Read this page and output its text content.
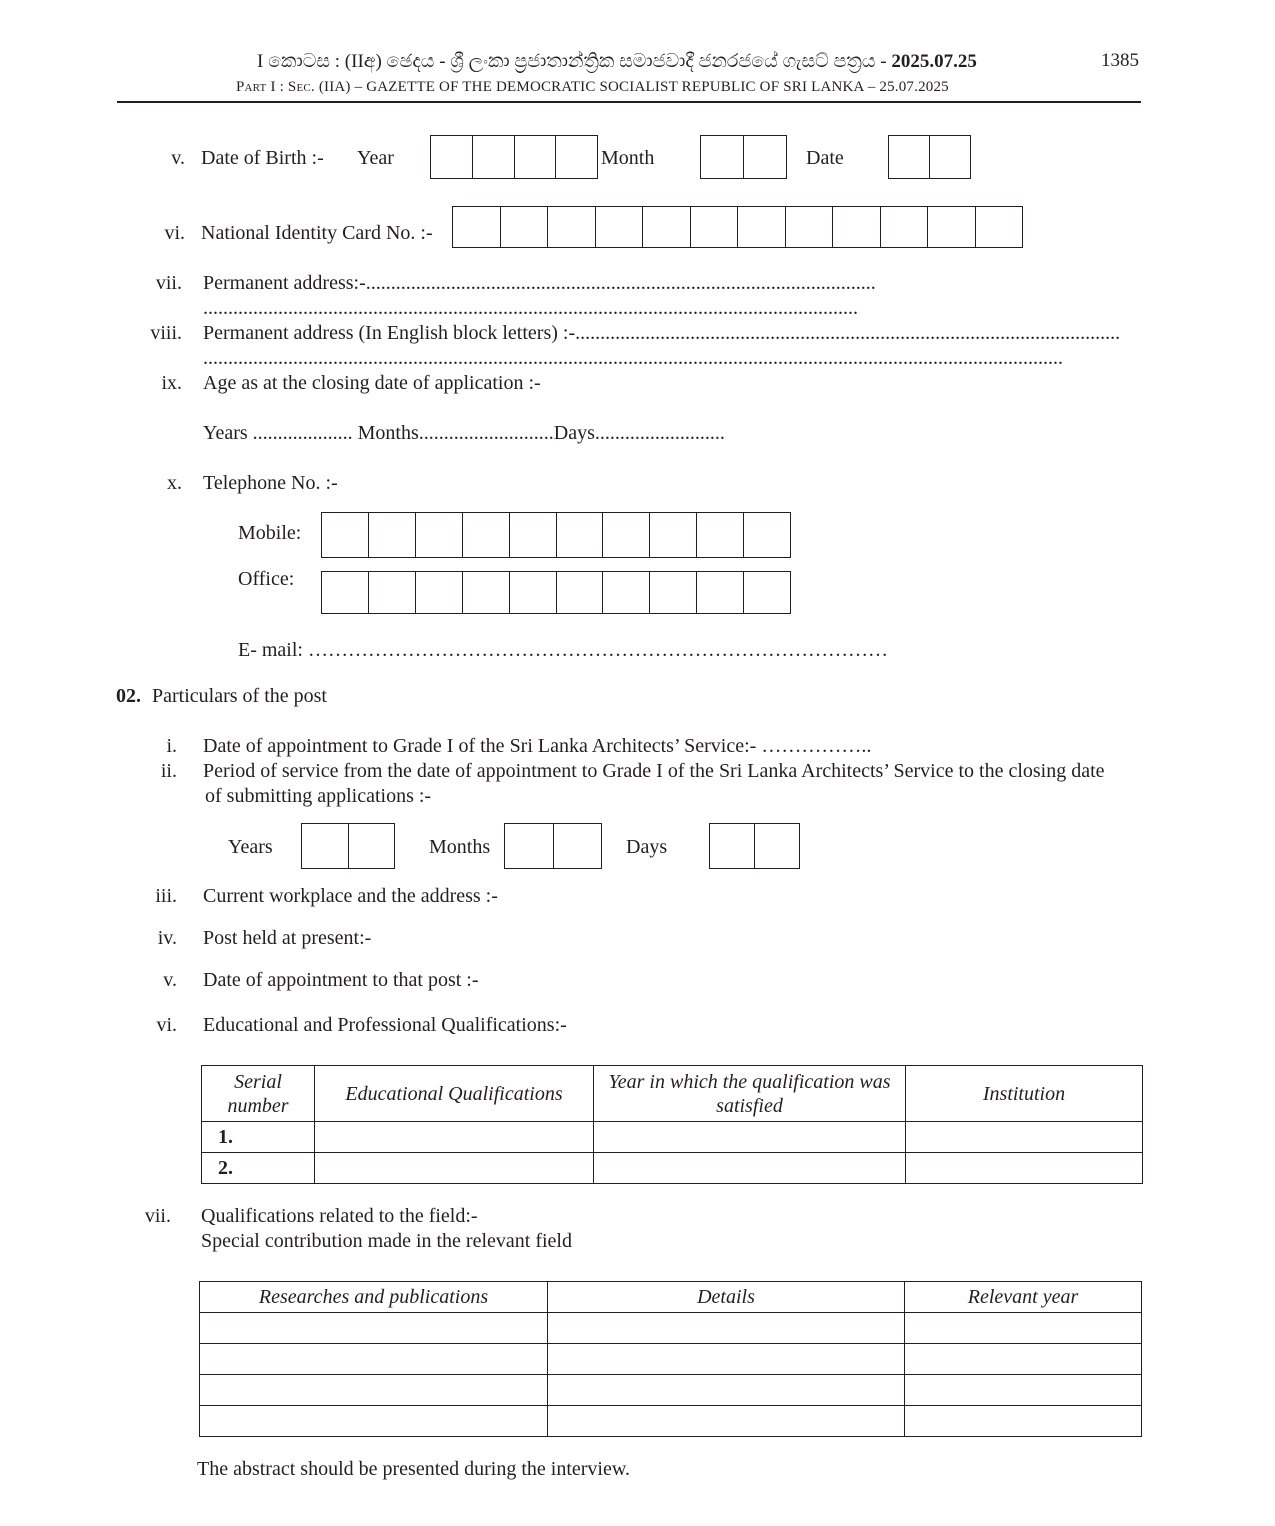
I කොටස : (IIඅ) ඡෙදය - ශ්‍රී ලංකා ප්‍රජාතාන්ත්‍රික සමාජවාදී ජනරජයේ ගැසට් පත්‍රය - 2025.07.25	1385
Part I : Sec. (IIA) – GAZETTE OF THE DEMOCRATIC SOCIALIST REPUBLIC OF SRI LANKA – 25.07.2025
v. Date of Birth :- Year	Month	Date
vi. National Identity Card No. :-
vii. Permanent address:-......................................................................................................
...................................................................................................................................
viii. Permanent address (In English block letters) :-.............................................................................................................
............................................................................................................................................................................
ix. Age as at the closing date of application :-
Years .................... Months...........................Days..........................
x. Telephone No. :-
Mobile:
Office:
E- mail: ……………………………………………………………………………
02. Particulars of the post
i. Date of appointment to Grade I of the Sri Lanka Architects’ Service:- ……………..​
ii. Period of service from the date of appointment to Grade I of the Sri Lanka Architects’ Service to the closing date
of submitting applications :-
Years	Months	Days
iii. Current workplace and the address :-
iv. Post held at present:-
v. Date of appointment to that post :-
vi. Educational and Professional Qualifications:-
Serial number	Educational Qualifications	Year in which the qualification was satisfied	Institution
1.			
2.			
vii. Qualifications related to the field:-
Special contribution made in the relevant field
Researches and publications	Details	Relevant year

The abstract should be presented during the interview.
